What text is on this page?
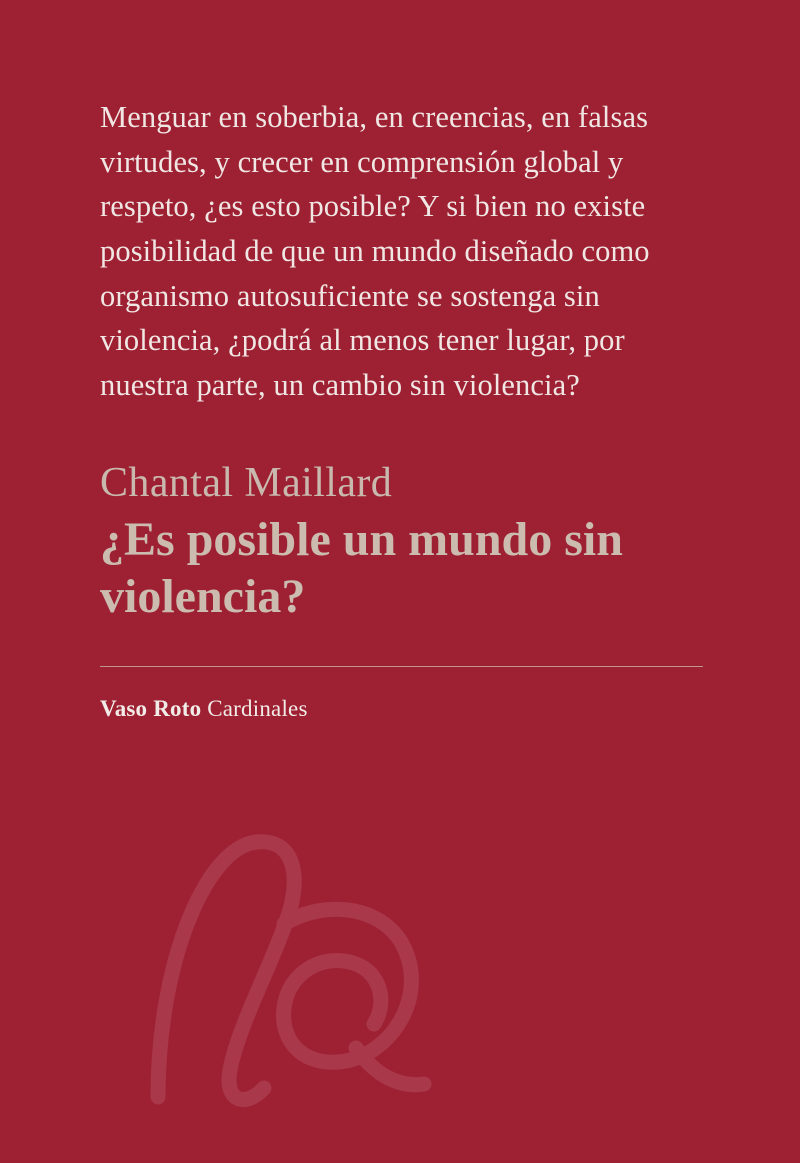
Menguar en soberbia, en creencias, en falsas virtudes, y crecer en comprensión global y respeto, ¿es esto posible? Y si bien no existe posibilidad de que un mundo diseñado como organismo autosuficiente se sostenga sin violencia, ¿podrá al menos tener lugar, por nuestra parte, un cambio sin violencia?

Chantal Maillard
¿Es posible un mundo sin violencia?
Vaso Roto Cardinales
